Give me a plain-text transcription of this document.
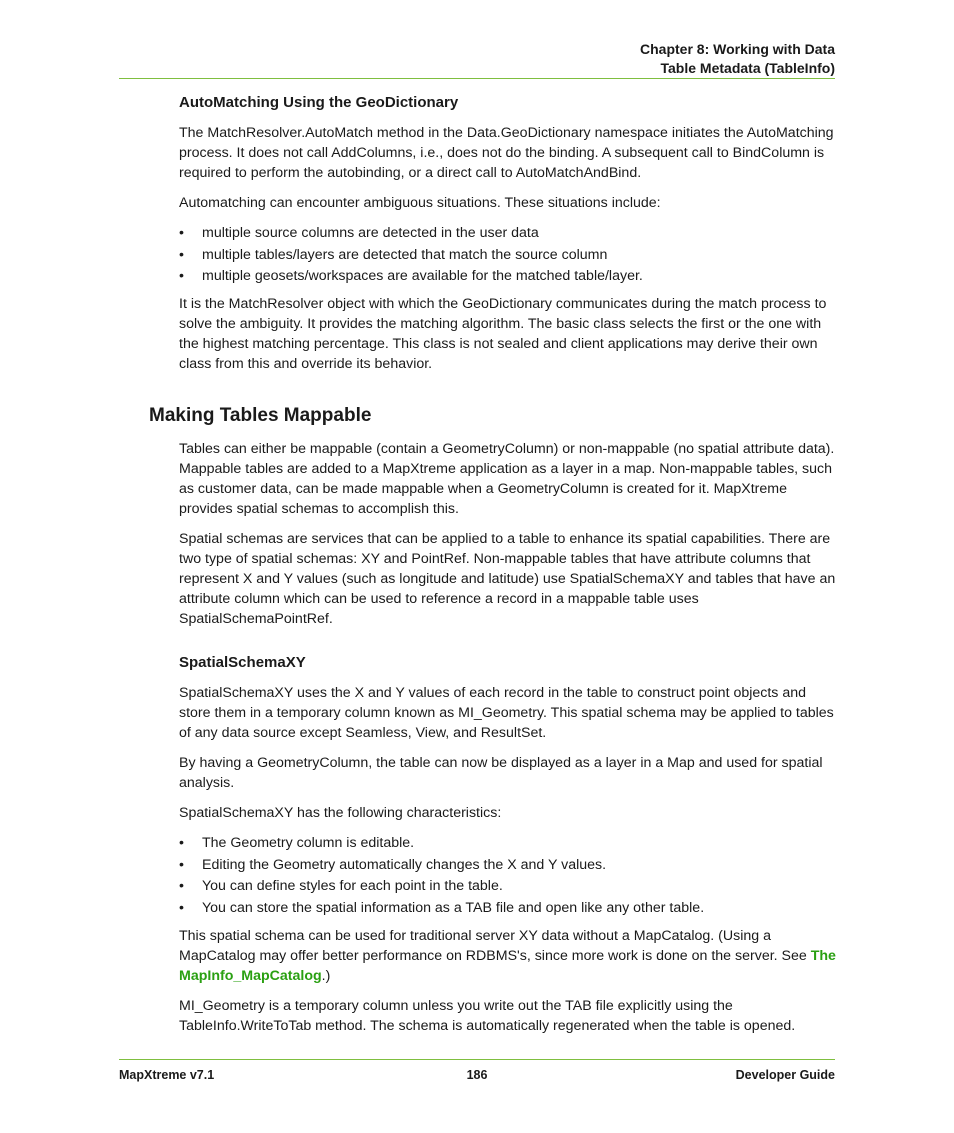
Chapter 8: Working with Data
Table Metadata (TableInfo)
AutoMatching Using the GeoDictionary

The MatchResolver.AutoMatch method in the Data.GeoDictionary namespace initiates the AutoMatching process. It does not call AddColumns, i.e., does not do the binding. A subsequent call to BindColumn is required to perform the autobinding, or a direct call to AutoMatchAndBind.

Automatching can encounter ambiguous situations. These situations include:

• multiple source columns are detected in the user data
• multiple tables/layers are detected that match the source column
• multiple geosets/workspaces are available for the matched table/layer.

It is the MatchResolver object with which the GeoDictionary communicates during the match process to solve the ambiguity. It provides the matching algorithm. The basic class selects the first or the one with the highest matching percentage. This class is not sealed and client applications may derive their own class from this and override its behavior.

Making Tables Mappable

Tables can either be mappable (contain a GeometryColumn) or non-mappable (no spatial attribute data). Mappable tables are added to a MapXtreme application as a layer in a map. Non-mappable tables, such as customer data, can be made mappable when a GeometryColumn is created for it. MapXtreme provides spatial schemas to accomplish this.

Spatial schemas are services that can be applied to a table to enhance its spatial capabilities. There are two type of spatial schemas: XY and PointRef. Non-mappable tables that have attribute columns that represent X and Y values (such as longitude and latitude) use SpatialSchemaXY and tables that have an attribute column which can be used to reference a record in a mappable table uses SpatialSchemaPointRef.

SpatialSchemaXY

SpatialSchemaXY uses the X and Y values of each record in the table to construct point objects and store them in a temporary column known as MI_Geometry. This spatial schema may be applied to tables of any data source except Seamless, View, and ResultSet.

By having a GeometryColumn, the table can now be displayed as a layer in a Map and used for spatial analysis.

SpatialSchemaXY has the following characteristics:

• The Geometry column is editable.
• Editing the Geometry automatically changes the X and Y values.
• You can define styles for each point in the table.
• You can store the spatial information as a TAB file and open like any other table.

This spatial schema can be used for traditional server XY data without a MapCatalog. (Using a MapCatalog may offer better performance on RDBMS's, since more work is done on the server. See The MapInfo_MapCatalog.)

MI_Geometry is a temporary column unless you write out the TAB file explicitly using the TableInfo.WriteToTab method. The schema is automatically regenerated when the table is opened.

MapXtreme v7.1	186	Developer Guide
